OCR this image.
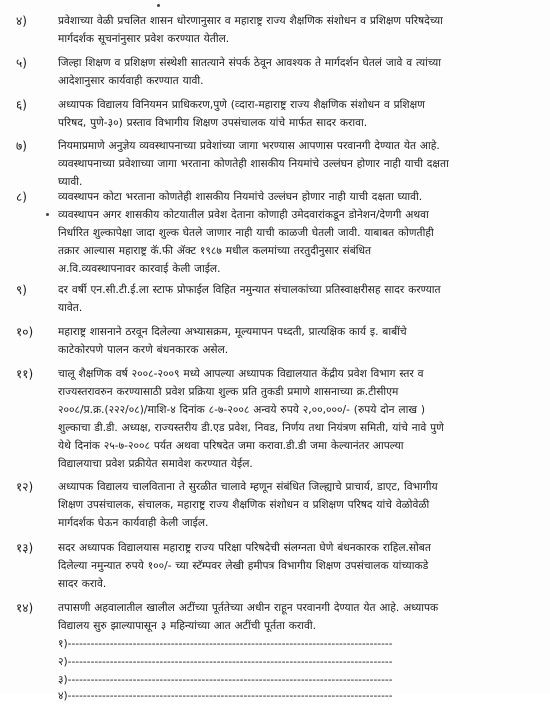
४)	प्रवेशाच्या वेळी प्रचलित शासन धोरणानुसार व महाराष्ट्र राज्य शैक्षणिक संशोधन व प्रशिक्षण परिषदेच्या
मार्गदर्शक सूचनांनुसार प्रवेश करण्यात येतील.
५)	जिल्हा शिक्षण व प्रशिक्षण संस्थेशी सातत्याने संपर्क ठेवून आवश्यक ते मार्गदर्शन घेतलं जावे व त्यांच्या
आदेशानुसार कार्यवाही करण्यात यावी.
६)	अध्यापक विद्यालय विनियमन प्राधिकरण,पुणे (व्दारा-महाराष्ट्र राज्य शैक्षणिक संशोधन व प्रशिक्षण
परिषद, पुणे-३०) प्रस्ताव विभागीय शिक्षण उपसंचालक यांचे मार्फत सादर करावा.
७)	नियमाप्रमाणे अनुज्ञेय व्यवस्थापनाच्या प्रवेशांच्या जागा भरण्यास आपणास परवानगी देण्यात येत आहे.
व्यवस्थापनाच्या प्रवेशाच्या जागा भरताना कोणतेही शासकीय नियमांचे उल्लंघन होणार नाही याची दक्षता
घ्यावी.
८)	व्यवस्थापन कोटा भरताना कोणतेही शासकीय नियमांचे उल्लंघन होणार नाही याची दक्षता घ्यावी.
व्यवस्थापन अगर शासकीय कोटयातील प्रवेश देताना कोणाही उमेदवारांकडून डोनेशन/देणगी अथवा
निर्धारित शुल्कापेक्षा जादा शुल्क घेतले जाणार नाही याची काळजी घेतली जावी. याबाबत कोणतीही
तक्रार आल्यास महाराष्ट्र कॅ.फी ॲक्ट १९८७ मधील कलमांच्या तरतुदीनुसार संबंधित
अ.वि.व्यवस्थापनावर कारवाई केली जाईल.
९)	दर वर्षी एन.सी.टी.ई.ला स्टाफ प्रोफाईल विहित नमुन्यात संचालकांच्या प्रतिस्वाक्षरीसह सादर करण्यात
यावेत.
१०)	महाराष्ट्र शासनाने ठरवून दिलेल्या अभ्यासक्रम, मूल्यमापन पध्दती, प्रात्यक्षिक कार्य इ. बाबींचे
काटेकोरपणे पालन करणे बंधनकारक असेल.
११)	चालू शैक्षणिक वर्ष २००८-२००९ मध्ये आपल्या अध्यापक विद्यालयात केंद्रीय प्रवेश विभाग स्तर व
राज्यस्तरावरुन करण्यासाठी प्रवेश प्रक्रिया शुल्क प्रति तुकडी प्रमाणे शासनाच्या क्र.टीसीएम
२००८/प्र.क्र.(२२२/०८)/माशि-४ दिनांक ८-७-२००८ अन्वये रुपये २,००,०००/- (रुपये दोन लाख )
शुल्काचा डी.डी. अध्यक्ष, राज्यस्तरीय डी.एड प्रवेश, निवड, निर्णय तथा नियंत्रण समिती, यांचे नावे पुणे
येथे दिनांक २५-७-२००८ पर्यत अथवा परिषदेत जमा करावा.डी.डी जमा केल्यानंतर आपल्या
विद्यालयाचा प्रवेश प्रक्रीयेत समावेश करण्यात येईल.
१२)	अध्यापक विद्यालय चालविताना ते सुरळीत चालावे म्हणून संबंधित जिल्ह्याचे प्राचार्य, डाएट, विभागीय
शिक्षण उपसंचालक, संचालक, महाराष्ट्र राज्य शैक्षणिक संशोधन व प्रशिक्षण परिषद यांचे वेळोवेळी
मार्गदर्शक घेऊन कार्यवाही केली जाईल.
१३)	सदर अध्यापक विद्यालयास महाराष्ट्र राज्य परिक्षा परिषदेची संलग्नता घेणे बंधनकारक राहिल.सोबत
दिलेल्या नमुन्यात रुपये १००/- च्या स्टॅम्पवर लेखी हमीपत्र विभागीय शिक्षण उपसंचालक यांच्याकडे
सादर करावे.
१४)	तपासणी अहवालातील खालील अटींच्या पूर्ततेच्या अधीन राहून परवानगी देण्यात येत आहे. अध्यापक
विद्यालय सुरु झाल्यापासून ३ महिन्यांच्या आत अटींची पूर्तता करावी.
१)-------------------------------------------------------------------------------------
२)-------------------------------------------------------------------------------------
३)-------------------------------------------------------------------------------------
४)-------------------------------------------------------------------------------------
